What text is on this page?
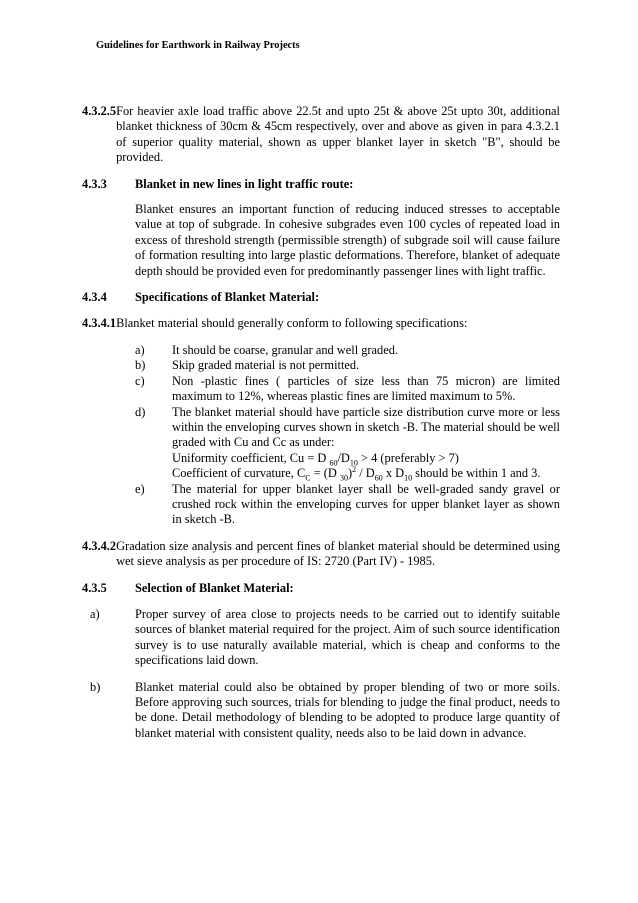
Guidelines for Earthwork in Railway Projects
4.3.2.5 For heavier axle load traffic above 22.5t and upto 25t & above 25t upto 30t, additional blanket thickness of 30cm & 45cm respectively, over and above as given in para 4.3.2.1 of superior quality material, shown as upper blanket layer in sketch "B", should be provided.
4.3.3	Blanket in new lines in light traffic route:
Blanket ensures an important function of reducing induced stresses to acceptable value at top of subgrade. In cohesive subgrades even 100 cycles of repeated load in excess of threshold strength (permissible strength) of subgrade soil will cause failure of formation resulting into large plastic deformations. Therefore, blanket of adequate depth should be provided even for predominantly passenger lines with light traffic.
4.3.4	Specifications of Blanket Material:
4.3.4.1 Blanket material should generally conform to following specifications:
a)	It should be coarse, granular and well graded.
b)	Skip graded material is not permitted.
c)	Non -plastic fines ( particles of size less than 75 micron) are limited maximum to 12%, whereas plastic fines are limited maximum to 5%.
d)	The blanket material should have particle size distribution curve more or less within the enveloping curves shown in sketch -B. The material should be well graded with Cu and Cc as under:
Uniformity coefficient, Cu = D $_{60}/D_{10} > 4$ (preferably > 7)
Coefficient of curvature, $C_C = (D$ $_{30})^2 / D_{60}$ x $D_{10}$ should be within 1 and 3.
e)	The material for upper blanket layer shall be well-graded sandy gravel or crushed rock within the enveloping curves for upper blanket layer as shown in sketch -B.
4.3.4.2 Gradation size analysis and percent fines of blanket material should be determined using wet sieve analysis as per procedure of IS: 2720 (Part IV) - 1985.
4.3.5	Selection of Blanket Material:
a)	Proper survey of area close to projects needs to be carried out to identify suitable sources of blanket material required for the project. Aim of such source identification survey is to use naturally available material, which is cheap and conforms to the specifications laid down.
b)	Blanket material could also be obtained by proper blending of two or more soils. Before approving such sources, trials for blending to judge the final product, needs to be done. Detail methodology of blending to be adopted to produce large quantity of blanket material with consistent quality, needs also to be laid down in advance.
